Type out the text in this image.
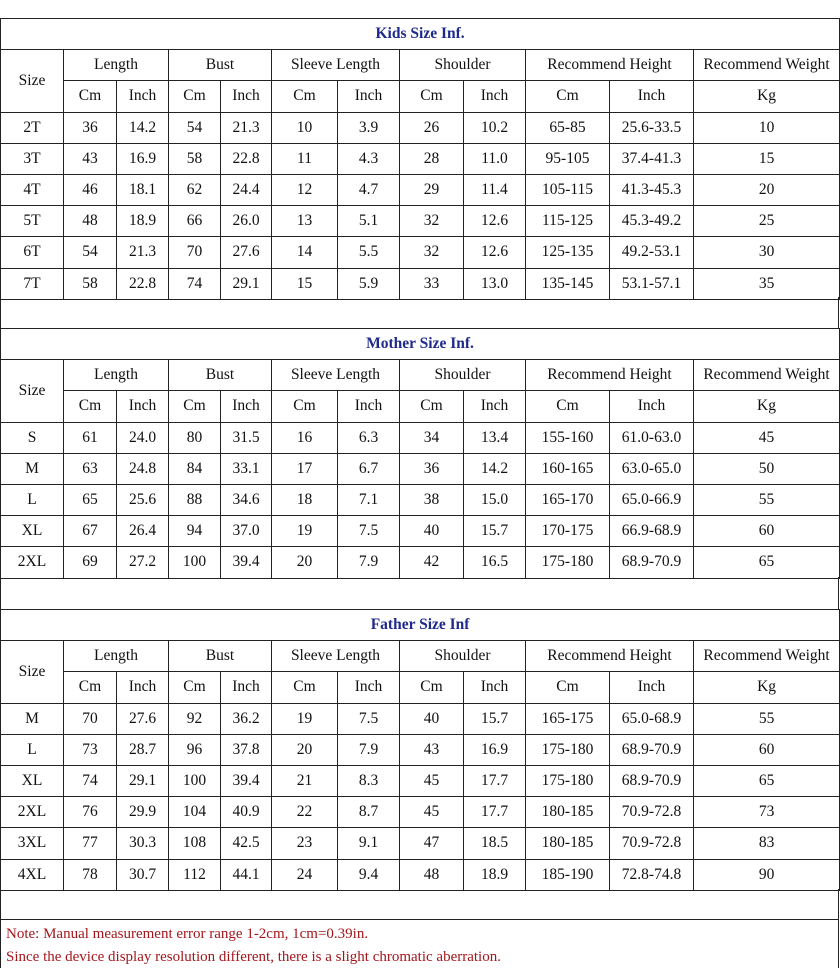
Kids Size Inf.											
Size	Length		Bust		Sleeve Length		Shoulder		Recommend Height		Recommend Weight
	Cm	Inch	Cm	Inch	Cm	Inch	Cm	Inch	Cm	Inch	Kg
2T	36	14.2	54	21.3	10	3.9	26	10.2	65-85	25.6-33.5	10
3T	43	16.9	58	22.8	11	4.3	28	11.0	95-105	37.4-41.3	15
4T	46	18.1	62	24.4	12	4.7	29	11.4	105-115	41.3-45.3	20
5T	48	18.9	66	26.0	13	5.1	32	12.6	115-125	45.3-49.2	25
6T	54	21.3	70	27.6	14	5.5	32	12.6	125-135	49.2-53.1	30
7T	58	22.8	74	29.1	15	5.9	33	13.0	135-145	53.1-57.1	35
Mother Size Inf.											
Size	Length		Bust		Sleeve Length		Shoulder		Recommend Height		Recommend Weight
	Cm	Inch	Cm	Inch	Cm	Inch	Cm	Inch	Cm	Inch	Kg
S	61	24.0	80	31.5	16	6.3	34	13.4	155-160	61.0-63.0	45
M	63	24.8	84	33.1	17	6.7	36	14.2	160-165	63.0-65.0	50
L	65	25.6	88	34.6	18	7.1	38	15.0	165-170	65.0-66.9	55
XL	67	26.4	94	37.0	19	7.5	40	15.7	170-175	66.9-68.9	60
2XL	69	27.2	100	39.4	20	7.9	42	16.5	175-180	68.9-70.9	65
Father Size Inf											
Size	Length		Bust		Sleeve Length		Shoulder		Recommend Height		Recommend Weight
	Cm	Inch	Cm	Inch	Cm	Inch	Cm	Inch	Cm	Inch	Kg
M	70	27.6	92	36.2	19	7.5	40	15.7	165-175	65.0-68.9	55
L	73	28.7	96	37.8	20	7.9	43	16.9	175-180	68.9-70.9	60
XL	74	29.1	100	39.4	21	8.3	45	17.7	175-180	68.9-70.9	65
2XL	76	29.9	104	40.9	22	8.7	45	17.7	180-185	70.9-72.8	73
3XL	77	30.3	108	42.5	23	9.1	47	18.5	180-185	70.9-72.8	83
4XL	78	30.7	112	44.1	24	9.4	48	18.9	185-190	72.8-74.8	90
Note: Manual measurement error range 1-2cm, 1cm=0.39in.
Since the device display resolution different, there is a slight chromatic aberration.
